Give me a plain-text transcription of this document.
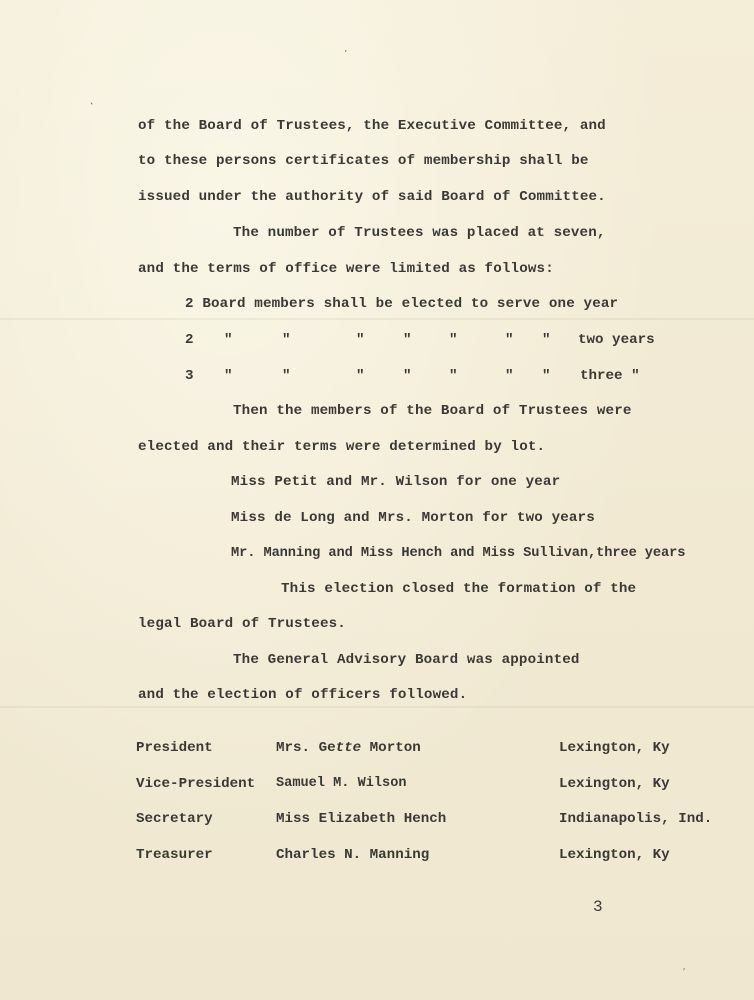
of the Board of Trustees, the Executive Committee, and
to these persons certificates of membership shall be
issued under the authority of said Board of Committee.
The number of Trustees was placed at seven,
and the terms of office were limited as follows:
2 Board members shall be elected to serve one year
2 "	"	"	"	"	" " two years
3 "	"	"	"	"	" " three "
Then the members of the Board of Trustees were
elected and their terms were determined by lot.
Miss Petit and Mr. Wilson for one year
Miss de Long and Mrs. Morton for two years
Mr. Manning and Miss Hench and Miss Sullivan,three years
This election closed the formation of the
legal Board of Trustees.
The General Advisory Board was appointed
and the election of officers followed.
President	Mrs. Gette Morton	Lexington, Ky
Vice-President Samuel M. Wilson	Lexington, Ky
Secretary	Miss Elizabeth Hench	Indianapolis, Ind.
Treasurer	Charles N. Manning	Lexington, Ky
3
ˏ
ˎ
ˏ
